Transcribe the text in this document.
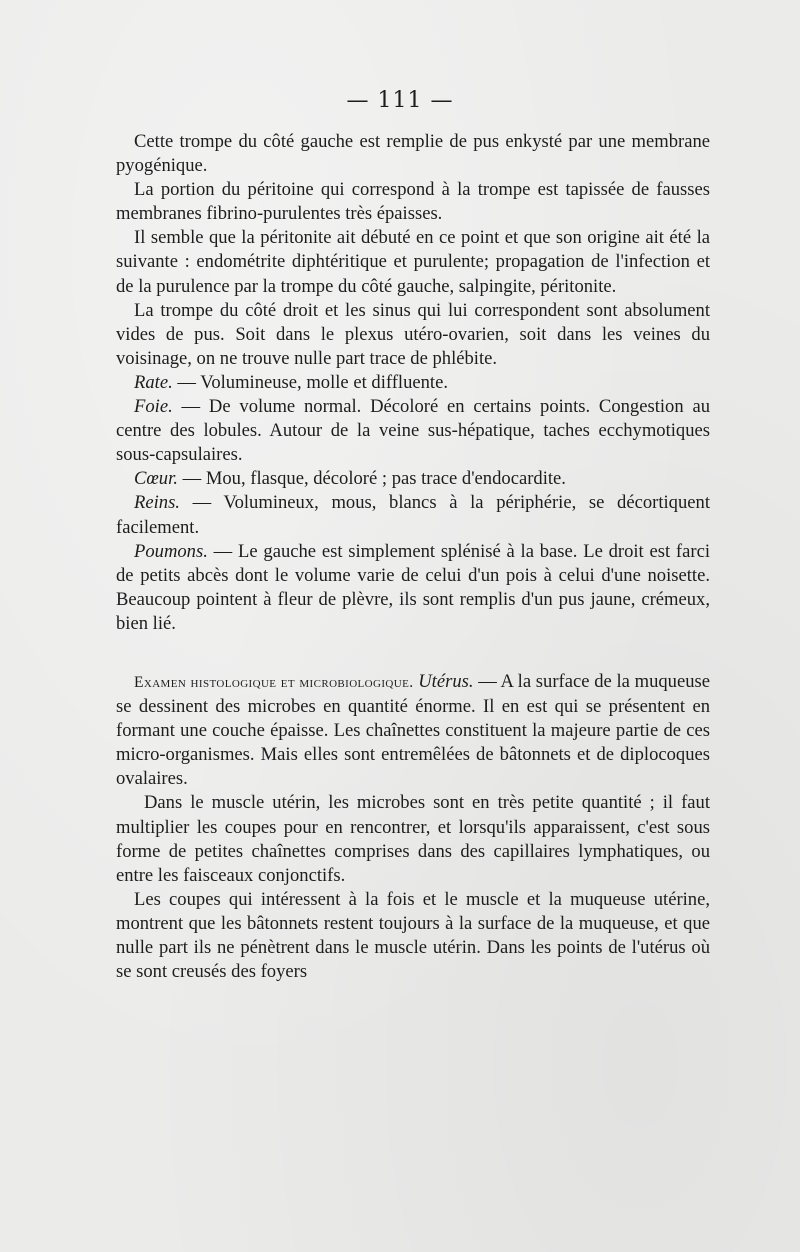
— 111 —

Cette trompe du côté gauche est remplie de pus enkysté par une membrane pyogénique.

La portion du péritoine qui correspond à la trompe est tapissée de fausses membranes fibrino-purulentes très épaisses.

Il semble que la péritonite ait débuté en ce point et que son origine ait été la suivante : endométrite diphtéritique et purulente; propagation de l'infection et de la purulence par la trompe du côté gauche, salpingite, péritonite.

La trompe du côté droit et les sinus qui lui correspondent sont absolument vides de pus. Soit dans le plexus utéro-ovarien, soit dans les veines du voisinage, on ne trouve nulle part trace de phlébite.

Rate. — Volumineuse, molle et diffluente.

Foie. — De volume normal. Décoloré en certains points. Congestion au centre des lobules. Autour de la veine sus-hépatique, taches ecchymotiques sous-capsulaires.

Cœur. — Mou, flasque, décoloré ; pas trace d'endocardite.

Reins. — Volumineux, mous, blancs à la périphérie, se décortiquent facilement.

Poumons. — Le gauche est simplement splénisé à la base. Le droit est farci de petits abcès dont le volume varie de celui d'un pois à celui d'une noisette. Beaucoup pointent à fleur de plèvre, ils sont remplis d'un pus jaune, crémeux, bien lié.

Examen histologique et microbiologique. Utérus. — A la surface de la muqueuse se dessinent des microbes en quantité énorme. Il en est qui se présentent en formant une couche épaisse. Les chaînettes constituent la majeure partie de ces micro-organismes. Mais elles sont entremêlées de bâtonnets et de diplocoques ovalaires.

Dans le muscle utérin, les microbes sont en très petite quantité ; il faut multiplier les coupes pour en rencontrer, et lorsqu'ils apparaissent, c'est sous forme de petites chaînettes comprises dans des capillaires lymphatiques, ou entre les faisceaux conjonctifs.

Les coupes qui intéressent à la fois et le muscle et la muqueuse utérine, montrent que les bâtonnets restent toujours à la surface de la muqueuse, et que nulle part ils ne pénètrent dans le muscle utérin. Dans les points de l'utérus où se sont creusés des foyers
